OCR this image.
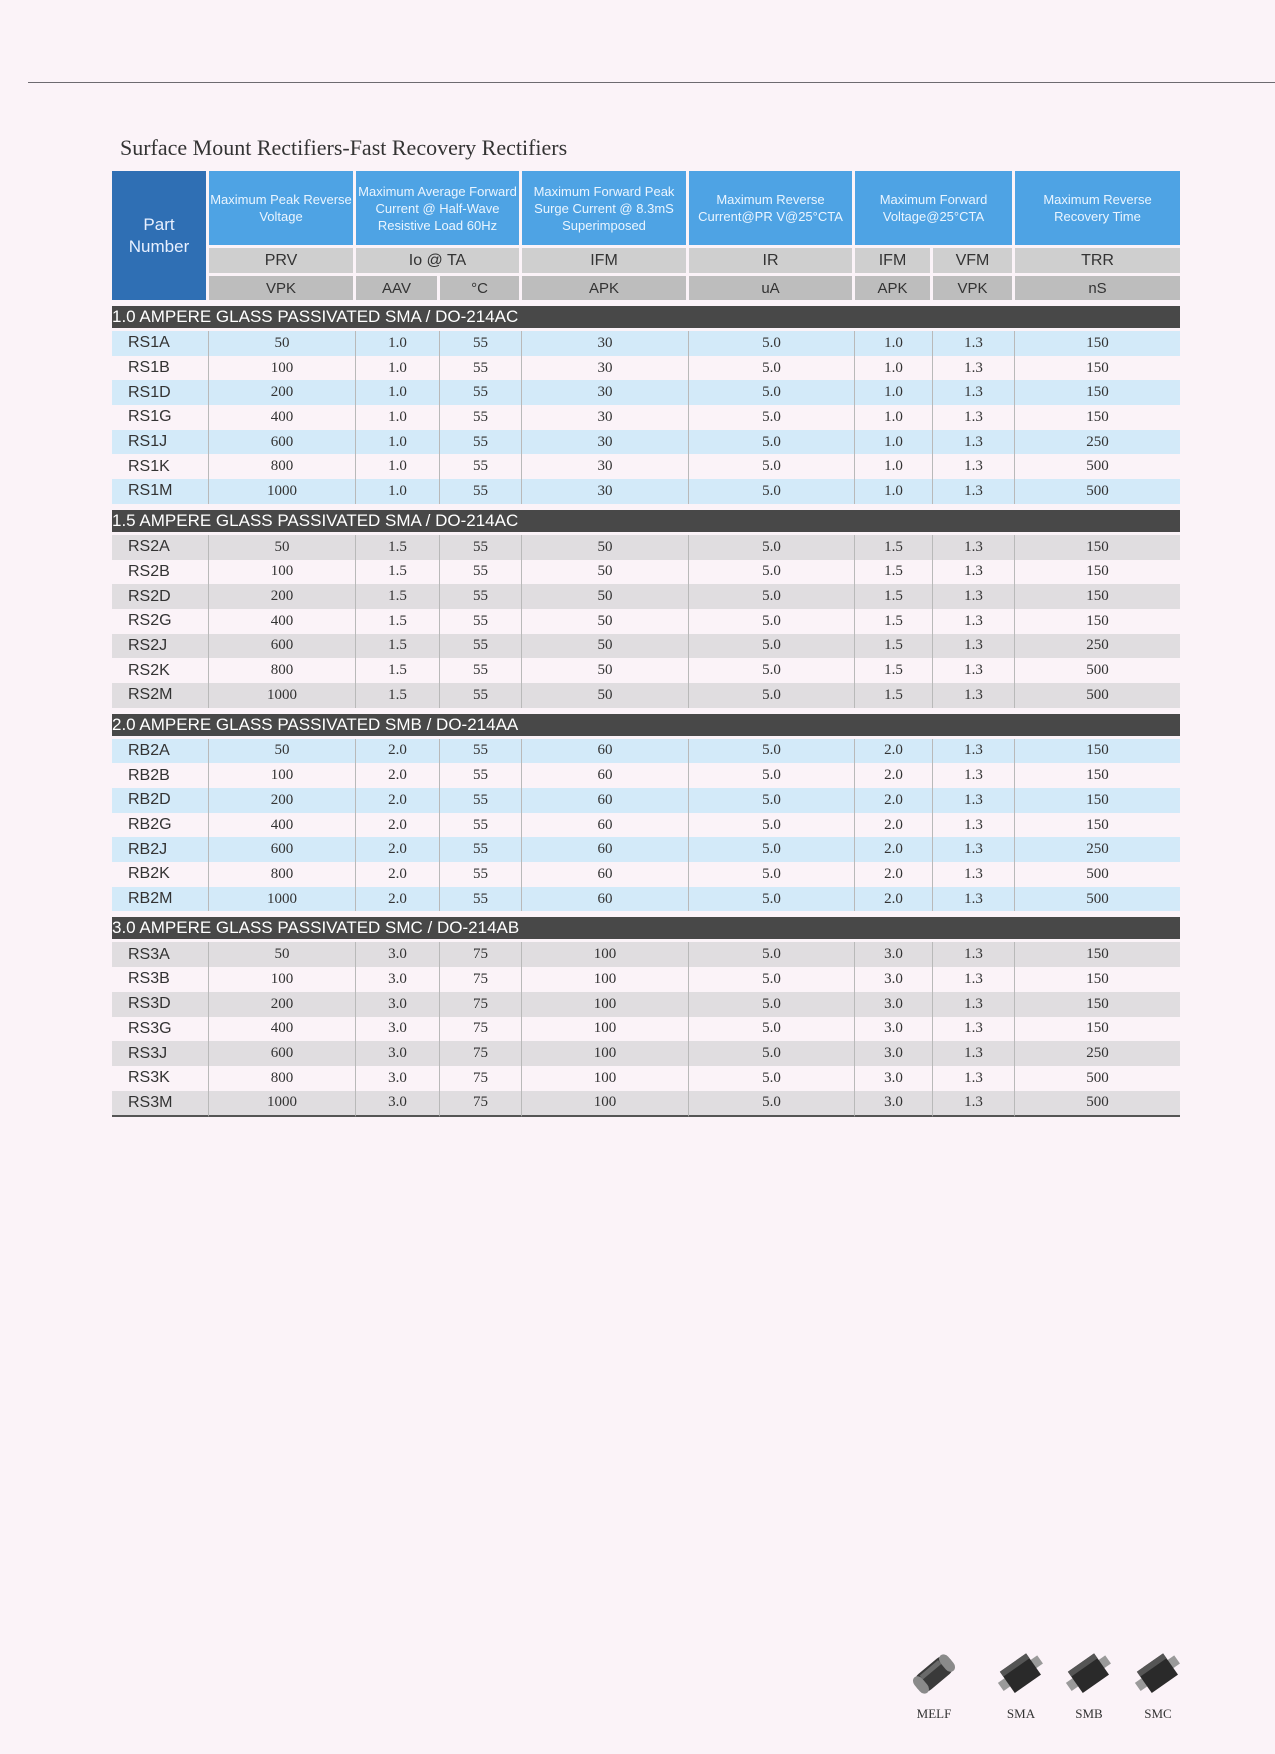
Surface Mount Rectifiers-Fast Recovery Rectifiers
Part Number	Maximum Peak Reverse Voltage	Maximum Average Forward Current @ Half-Wave Resistive Load 60Hz		Maximum Forward Peak Surge Current @ 8.3mS Superimposed	Maximum Reverse Current@PR V@25°CTA	Maximum Forward Voltage@25°CTA		Maximum Reverse Recovery Time
	PRV	Io @ TA		IFM	IR	IFM	VFM	TRR
	VPK	AAV	°C	APK	uA	APK	VPK	nS
1.0 AMPERE GLASS PASSIVATED SMA / DO-214AC								
RS1A	50	1.0	55	30	5.0	1.0	1.3	150
RS1B	100	1.0	55	30	5.0	1.0	1.3	150
RS1D	200	1.0	55	30	5.0	1.0	1.3	150
RS1G	400	1.0	55	30	5.0	1.0	1.3	150
RS1J	600	1.0	55	30	5.0	1.0	1.3	250
RS1K	800	1.0	55	30	5.0	1.0	1.3	500
RS1M	1000	1.0	55	30	5.0	1.0	1.3	500
1.5 AMPERE GLASS PASSIVATED SMA / DO-214AC								
RS2A	50	1.5	55	50	5.0	1.5	1.3	150
RS2B	100	1.5	55	50	5.0	1.5	1.3	150
RS2D	200	1.5	55	50	5.0	1.5	1.3	150
RS2G	400	1.5	55	50	5.0	1.5	1.3	150
RS2J	600	1.5	55	50	5.0	1.5	1.3	250
RS2K	800	1.5	55	50	5.0	1.5	1.3	500
RS2M	1000	1.5	55	50	5.0	1.5	1.3	500
2.0 AMPERE GLASS PASSIVATED SMB / DO-214AA								
RB2A	50	2.0	55	60	5.0	2.0	1.3	150
RB2B	100	2.0	55	60	5.0	2.0	1.3	150
RB2D	200	2.0	55	60	5.0	2.0	1.3	150
RB2G	400	2.0	55	60	5.0	2.0	1.3	150
RB2J	600	2.0	55	60	5.0	2.0	1.3	250
RB2K	800	2.0	55	60	5.0	2.0	1.3	500
RB2M	1000	2.0	55	60	5.0	2.0	1.3	500
3.0 AMPERE GLASS PASSIVATED SMC / DO-214AB								
RS3A	50	3.0	75	100	5.0	3.0	1.3	150
RS3B	100	3.0	75	100	5.0	3.0	1.3	150
RS3D	200	3.0	75	100	5.0	3.0	1.3	150
RS3G	400	3.0	75	100	5.0	3.0	1.3	150
RS3J	600	3.0	75	100	5.0	3.0	1.3	250
RS3K	800	3.0	75	100	5.0	3.0	1.3	500
RS3M	1000	3.0	75	100	5.0	3.0	1.3	500
MELF	SMA	SMB	SMC
